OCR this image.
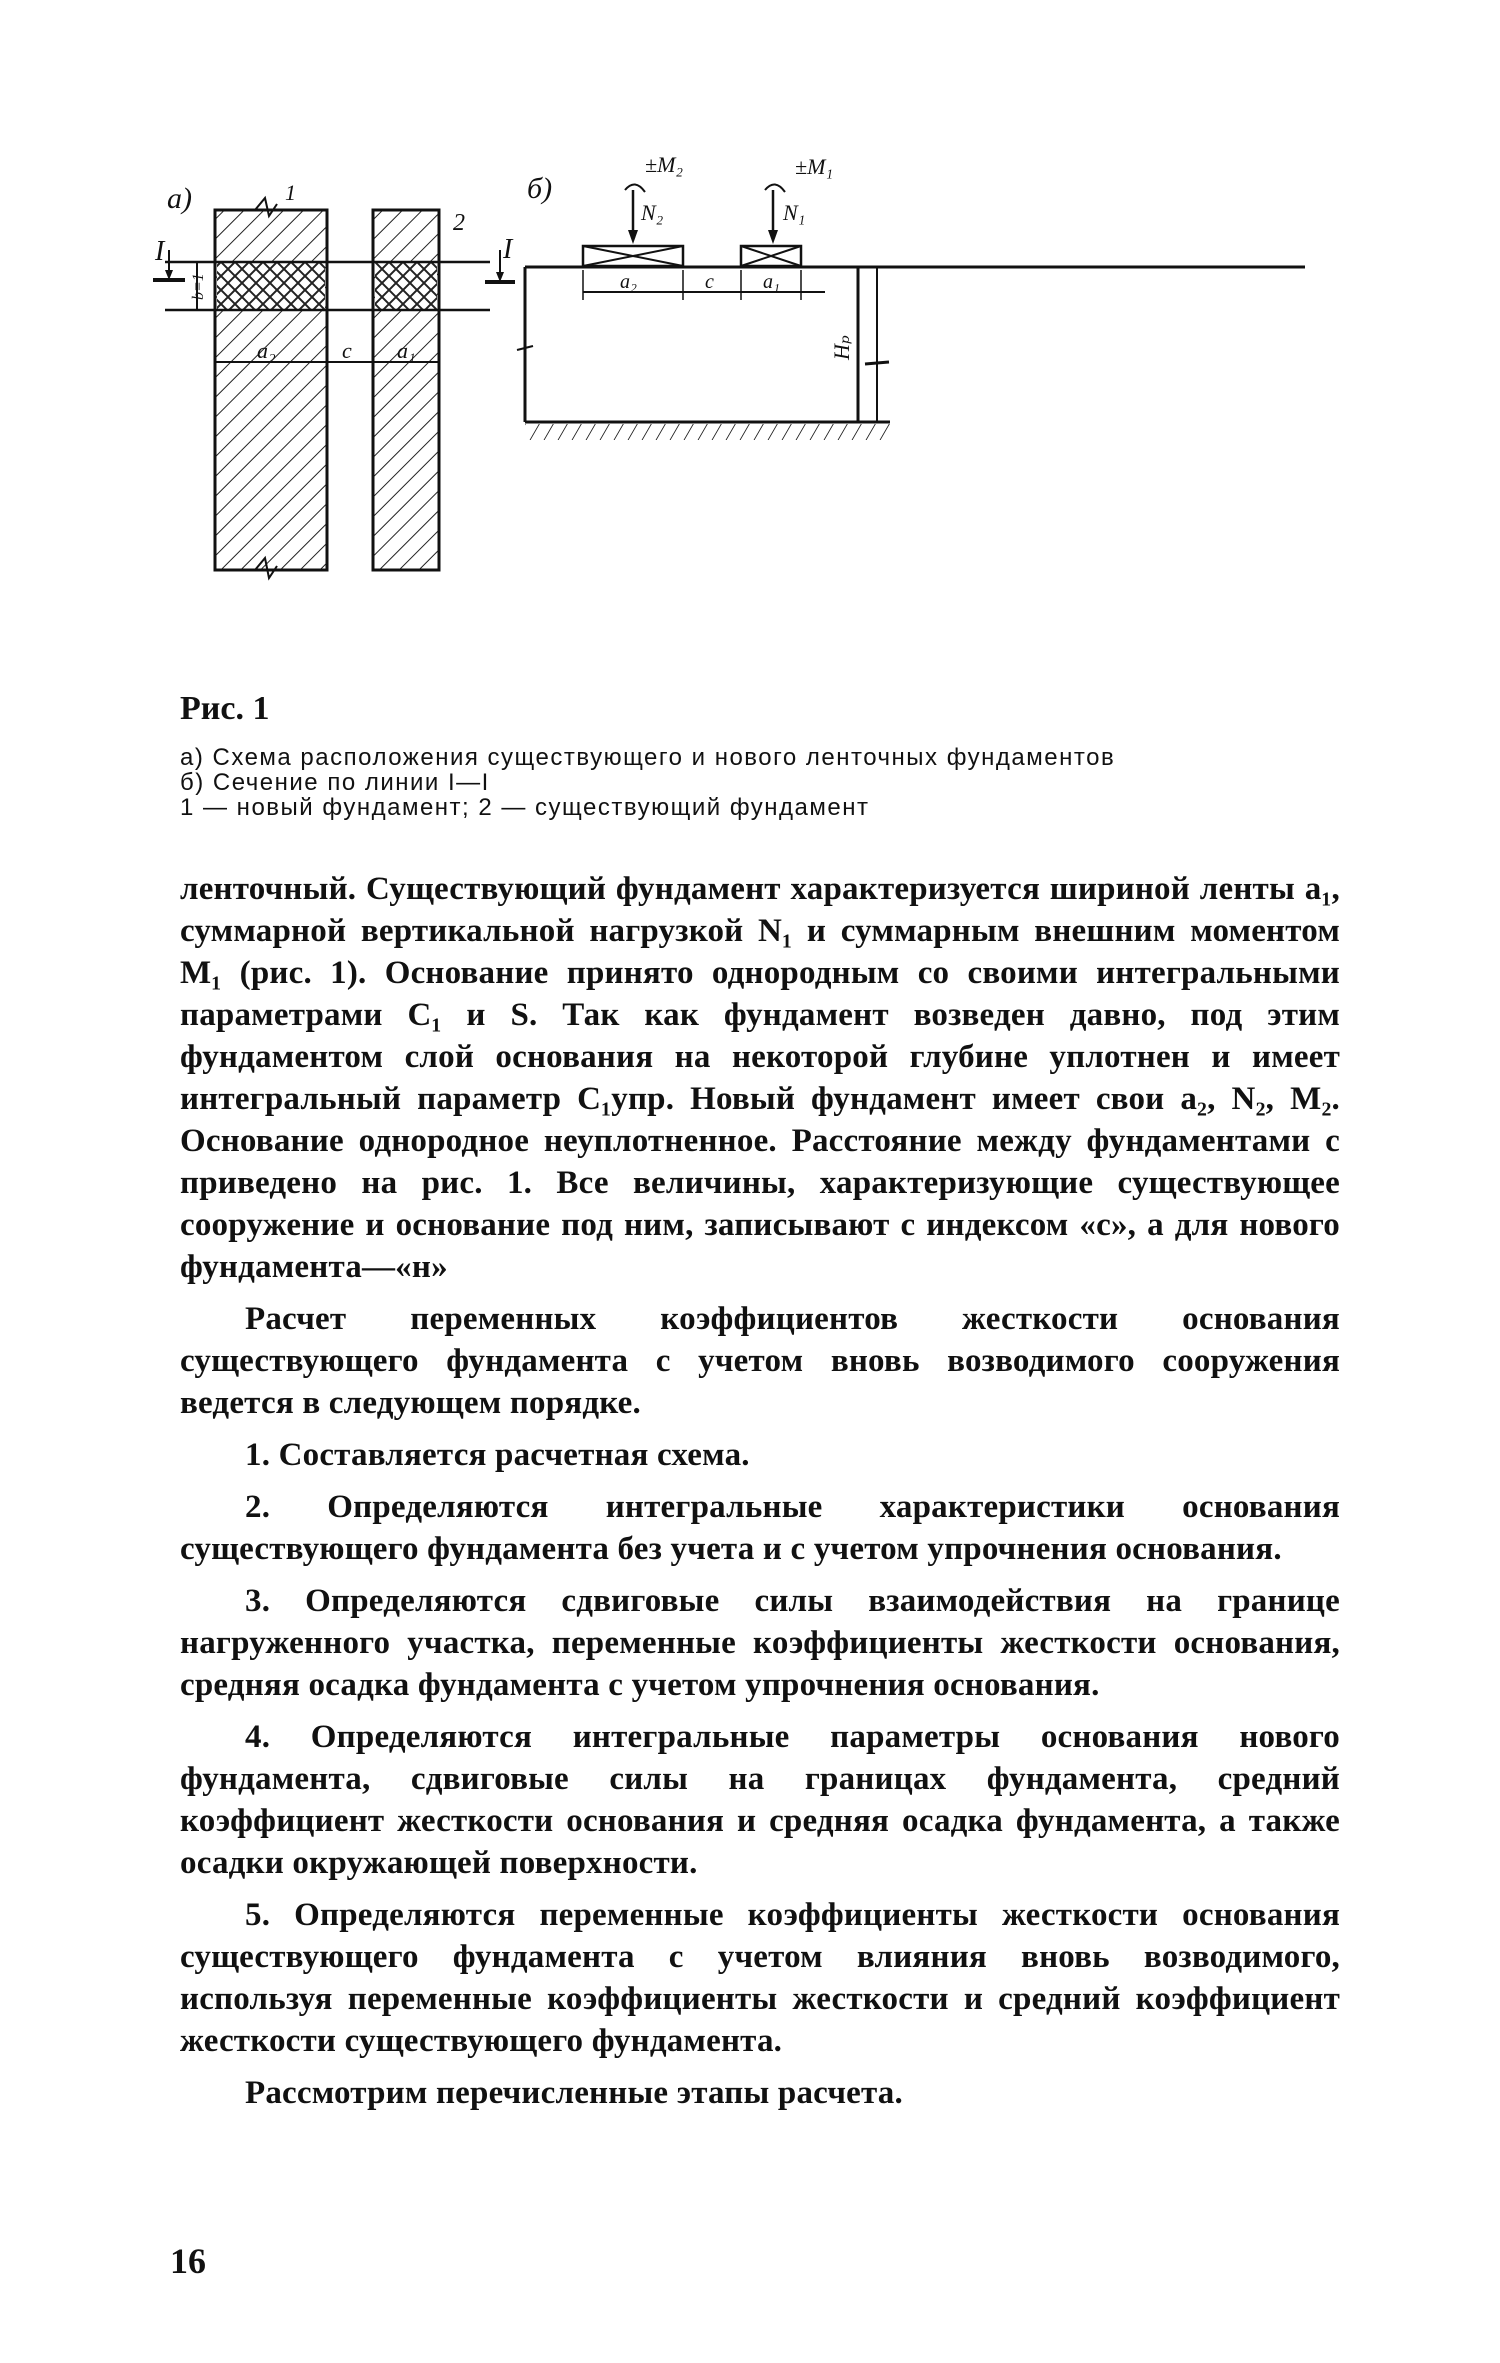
а)	1
2
I	I
b=1
a₂	c a₁
б)
±M₂
N₂
±M₁
N₁
a₂	c a₁
Hₚ

Рис. 1

а) Схема расположения существующего и нового ленточных фундаментов

б) Сечение по линии I—I

1 — новый фундамент; 2 — существующий фундамент

ленточный. Существующий фундамент характеризуется шириной ленты a₁, суммарной вертикальной нагрузкой N₁ и суммарным внешним моментом M₁ (рис. 1). Основание принято однородным со своими интегральными параметрами C₁ и S. Так как фундамент возведен давно, под этим фундаментом слой основания на некоторой глубине уплотнен и имеет интегральный параметр C₁упр. Новый фундамент имеет свои a₂, N₂, M₂. Основание однородное неуплотненное. Расстояние между фундаментами c приведено на рис. 1. Все величины, характеризующие существующее сооружение и основание под ним, записывают с индексом «с», а для нового фундамента—«н»

Расчет переменных коэффициентов жесткости основания существующего фундамента с учетом вновь возводимого сооружения ведется в следующем порядке.

1. Составляется расчетная схема.

2. Определяются интегральные характеристики основания существующего фундамента без учета и с учетом упрочнения основания.

3. Определяются сдвиговые силы взаимодействия на границе нагруженного участка, переменные коэффициенты жесткости основания, средняя осадка фундамента с учетом упрочнения основания.

4. Определяются интегральные параметры основания нового фундамента, сдвиговые силы на границах фундамента, средний коэффициент жесткости основания и средняя осадка фундамента, а также осадки окружающей поверхности.

5. Определяются переменные коэффициенты жесткости основания существующего фундамента с учетом влияния вновь возводимого, используя переменные коэффициенты жесткости и средний коэффициент жесткости существующего фундамента.

Рассмотрим перечисленные этапы расчета.

16
